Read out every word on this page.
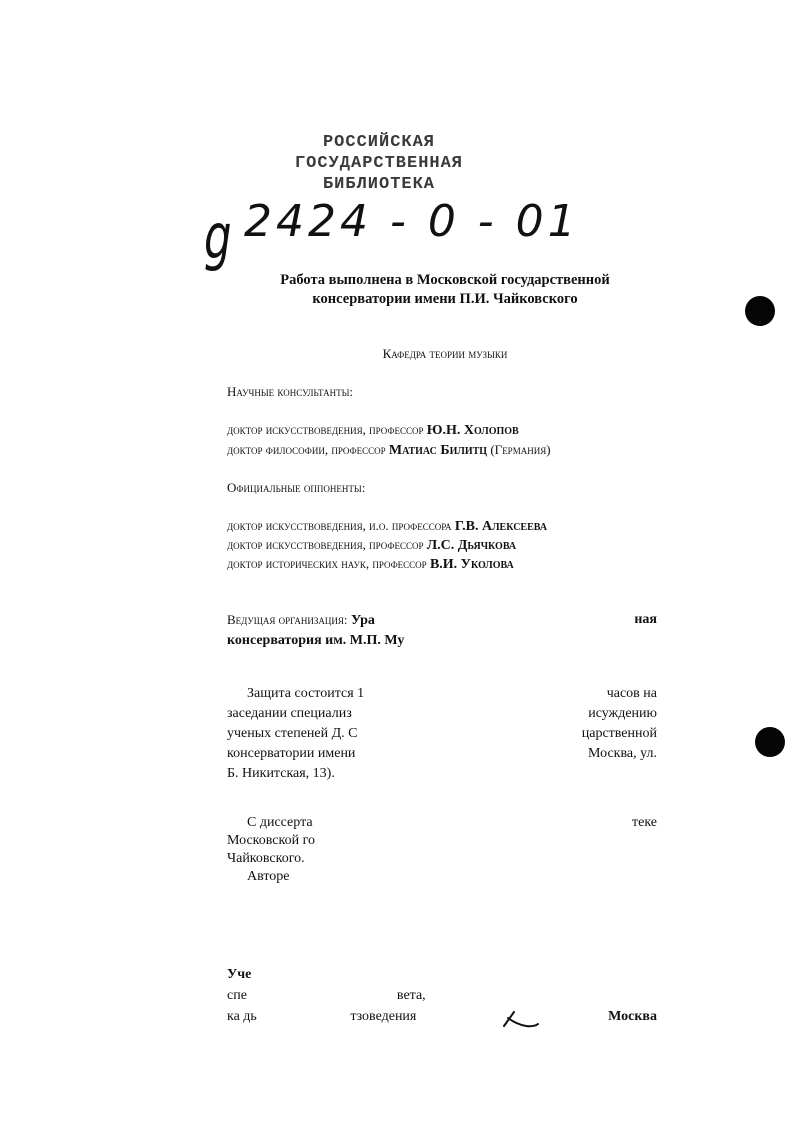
РОССИЙСКАЯ
ГОСУДАРСТВЕННАЯ
БИБЛИОТЕКА
g 2424 - 0 - 01
Работа выполнена в Московской государственной
консерватории имени П.И. Чайковского
Кафедра теории музыки
Научные консультанты:
доктор искусствоведения, профессор Ю.Н. Холопов
доктор философии, профессор Матиас Билитц (Германия)
Официальные оппоненты:
доктор искусствоведения, и.о. профессора Г.В. Алексеева
доктор искусствоведения, профессор Л.С. Дьячкова
доктор исторических наук, профессор В.И. Уколова
Ведущая организация: Ура	ная
консерватория им. М.П. Му
Защита состоится 1	часов на
заседании специализ	исуждению
ученых степеней Д. С	царственной
консерватории имени	Москва, ул.
Б. Никитская, 13).
С диссерта	теке
Московской го
Чайковского.
Авторе
Уче
спе	вета,
ка дь	тзоведения	Москва
